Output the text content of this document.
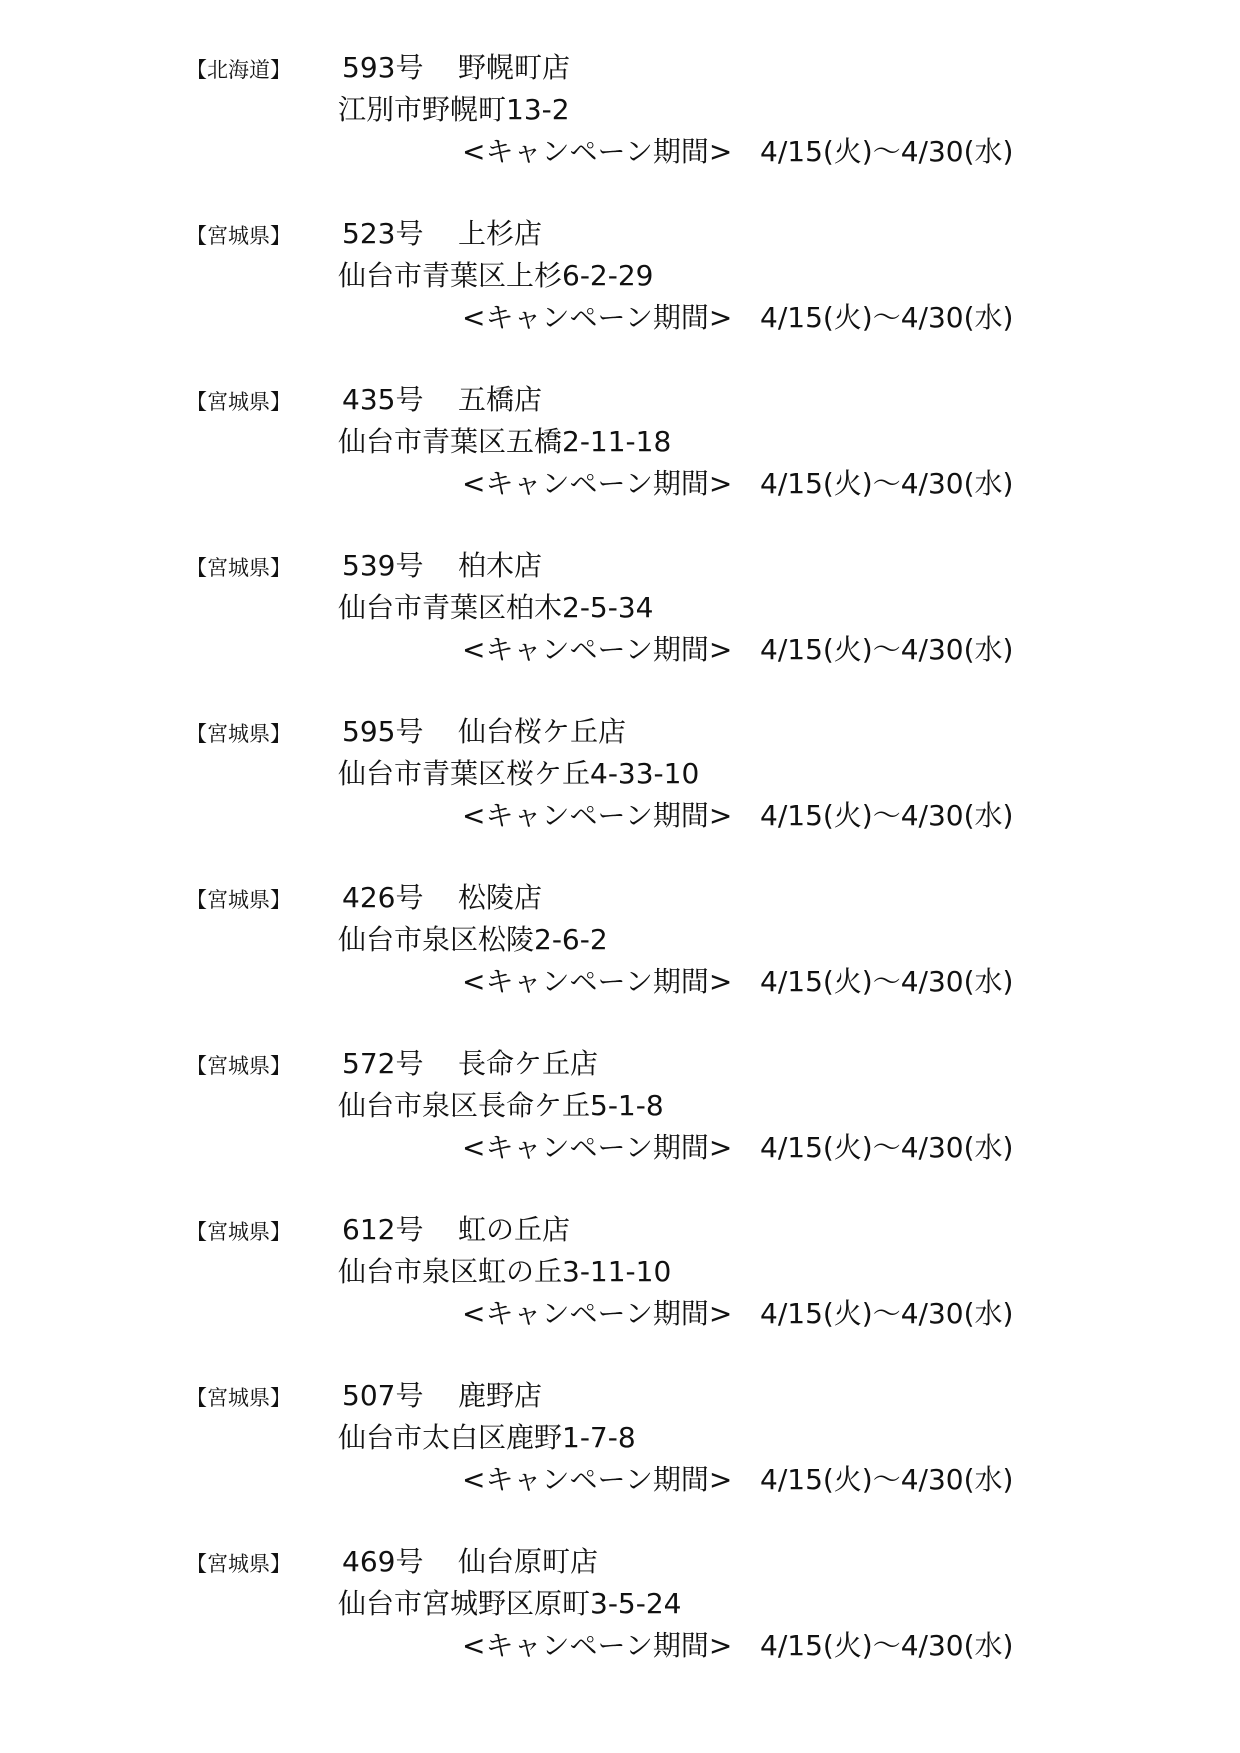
【北海道】 593号 野幌町店
江別市野幌町13-2
<キャンペーン期間> 4/15(火)〜4/30(水)
【宮城県】 523号 上杉店
仙台市青葉区上杉6-2-29
<キャンペーン期間> 4/15(火)〜4/30(水)
【宮城県】 435号 五橋店
仙台市青葉区五橋2-11-18
<キャンペーン期間> 4/15(火)〜4/30(水)
【宮城県】 539号 柏木店
仙台市青葉区柏木2-5-34
<キャンペーン期間> 4/15(火)〜4/30(水)
【宮城県】 595号 仙台桜ケ丘店
仙台市青葉区桜ケ丘4-33-10
<キャンペーン期間> 4/15(火)〜4/30(水)
【宮城県】 426号 松陵店
仙台市泉区松陵2-6-2
<キャンペーン期間> 4/15(火)〜4/30(水)
【宮城県】 572号 長命ケ丘店
仙台市泉区長命ケ丘5-1-8
<キャンペーン期間> 4/15(火)〜4/30(水)
【宮城県】 612号 虹の丘店
仙台市泉区虹の丘3-11-10
<キャンペーン期間> 4/15(火)〜4/30(水)
【宮城県】 507号 鹿野店
仙台市太白区鹿野1-7-8
<キャンペーン期間> 4/15(火)〜4/30(水)
【宮城県】 469号 仙台原町店
仙台市宮城野区原町3-5-24
<キャンペーン期間> 4/15(火)〜4/30(水)
